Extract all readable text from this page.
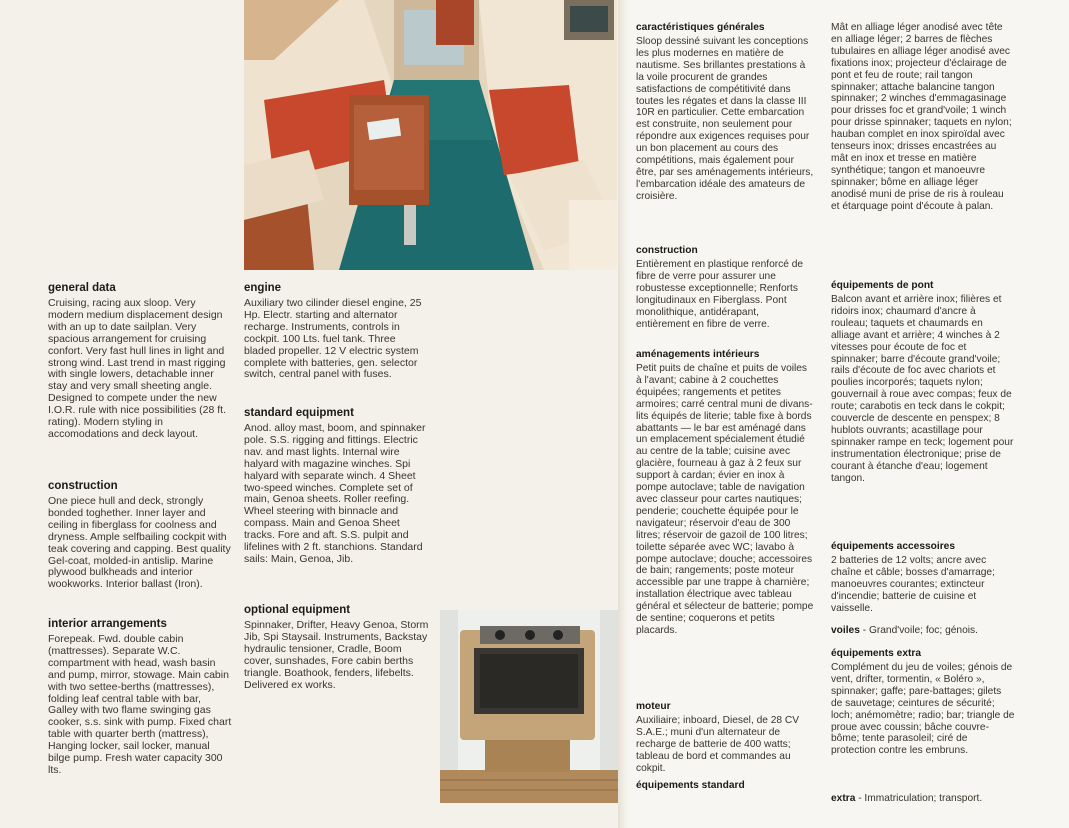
general data

Cruising, racing aux sloop. Very modern medium displacement design with an up to date sailplan. Very spacious arrangement for cruising confort. Very fast hull lines in light and strong wind. Last trend in mast rigging with single lowers, detachable inner stay and very small sheeting angle. Designed to compete under the new I.O.R. rule with nice possibilities (28 ft. rating). Modern styling in accomodations and deck layout.

construction

One piece hull and deck, strongly bonded toghether. Inner layer and ceiling in fiberglass for coolness and dryness. Ample selfbailing cockpit with teak covering and capping. Best quality Gel-coat, molded-in antislip. Marine plywood bulkheads and interior wookworks. Interior ballast (Iron).

interior arrangements

Forepeak. Fwd. double cabin (mattresses). Separate W.C. compartment with head, wash basin and pump, mirror, stowage. Main cabin with two settee-berths (mattresses), folding leaf central table with bar, Galley with two flame swinging gas cooker, s.s. sink with pump. Fixed chart table with quarter berth (mattress), Hanging locker, sail locker, manual bilge pump. Fresh water capacity 300 lts.

engine

Auxiliary two cilinder diesel engine, 25 Hp. Electr. starting and alternator recharge. Instruments, controls in cockpit. 100 Lts. fuel tank. Three bladed propeller. 12 V electric system complete with batteries, gen. selector switch, central panel with fuses.

standard equipment

Anod. alloy mast, boom, and spinnaker pole. S.S. rigging and fittings. Electric nav. and mast lights. Internal wire halyard with magazine winches. Spi halyard with separate winch. 4 Sheet two-speed winches. Complete set of main, Genoa sheets. Roller reefing. Wheel steering with binnacle and compass. Main and Genoa Sheet tracks. Fore and aft. S.S. pulpit and lifelines with 2 ft. stanchions. Standard sails: Main, Genoa, Jib.

optional equipment

Spinnaker, Drifter, Heavy Genoa, Storm Jib, Spi Staysail. Instruments, Backstay hydraulic tensioner, Cradle, Boom cover, sunshades, Fore cabin berths triangle. Boathook, fenders, lifebelts. Delivered ex works.

caractéristiques générales

Sloop dessiné suivant les conceptions les plus modernes en matière de nautisme. Ses brillantes prestations à la voile procurent de grandes satisfactions de compétitivité dans toutes les régates et dans la classe III 10R en particulier. Cette embarcation est construite, non seulement pour répondre aux exigences requises pour un bon placement au cours des compétitions, mais également pour être, par ses aménagements intérieurs, l'embarcation idéale des amateurs de croisière.

construction

Entièrement en plastique renforcé de fibre de verre pour assurer une robustesse exceptionnelle; Renforts longitudinaux en Fiberglass. Pont monolithique, antidérapant, entièrement en fibre de verre.

aménagements intérieurs

Petit puits de chaîne et puits de voiles à l'avant; cabine à 2 couchettes équipées; rangements et petites armoires; carré central muni de divans-lits équipés de literie; table fixe à bords abattants — le bar est aménagé dans un emplacement spécialement étudié au centre de la table; cuisine avec glacière, fourneau à gaz à 2 feux sur support à cardan; évier en inox à pompe autoclave; table de navigation avec classeur pour cartes nautiques; penderie; couchette équipée pour le navigateur; réservoir d'eau de 300 litres; réservoir de gazoil de 100 litres; toilette séparée avec WC; lavabo à pompe autoclave; douche; accessoires de bain; rangements; poste moteur accessible par une trappe à charnière; installation électrique avec tableau général et sélecteur de batterie; pompe de sentine; coquerons et petits placards.

moteur

Auxiliaire; inboard, Diesel, de 28 CV S.A.E.; muni d'un alternateur de recharge de batterie de 400 watts; tableau de bord et commandes au cokpit.

équipements standard

Mât en alliage léger anodisé avec tête en alliage léger; 2 barres de flèches tubulaires en alliage léger anodisé avec fixations inox; projecteur d'éclairage de pont et feu de route; rail tangon spinnaker; attache balancine tangon spinnaker; 2 winches d'emmagasinage pour drisses foc et grand'voile; 1 winch pour drisse spinnaker; taquets en nylon; hauban complet en inox spiroïdal avec tenseurs inox; drisses encastrées au mât en inox et tresse en matière synthétique; tangon et manoeuvre spinnaker; bôme en alliage léger anodisé muni de prise de ris à rouleau et étarquage point d'écoute à palan.

équipements de pont

Balcon avant et arrière inox; filières et ridoirs inox; chaumard d'ancre à rouleau; taquets et chaumards en alliage avant et arrière; 4 winches à 2 vitesses pour écoute de foc et spinnaker; barre d'écoute grand'voile; rails d'écoute de foc avec chariots et poulies incorporés; taquets nylon; gouvernail à roue avec compas; feux de route; carabotis en teck dans le cokpit; couvercle de descente en penspex; 8 hublots ouvrants; acastillage pour spinnaker rampe en teck; logement pour instrumentation électronique; prise de courant à étanche d'eau; logement tangon.

équipements accessoires

2 batteries de 12 volts; ancre avec chaîne et câble; bosses d'amarrage; manoeuvres courantes; extincteur d'incendie; batterie de cuisine et vaisselle.

voiles - Grand'voile; foc; génois.

équipements extra

Complément du jeu de voiles; génois de vent, drifter, tormentin, « Boléro », spinnaker; gaffe; pare-battages; gilets de sauvetage; ceintures de sécurité; loch; anémomètre; radio; bar; triangle de proue avec coussin; bâche couvre-bôme; tente parasoleil; ciré de protection contre les embruns.

extra - Immatriculation; transport.
